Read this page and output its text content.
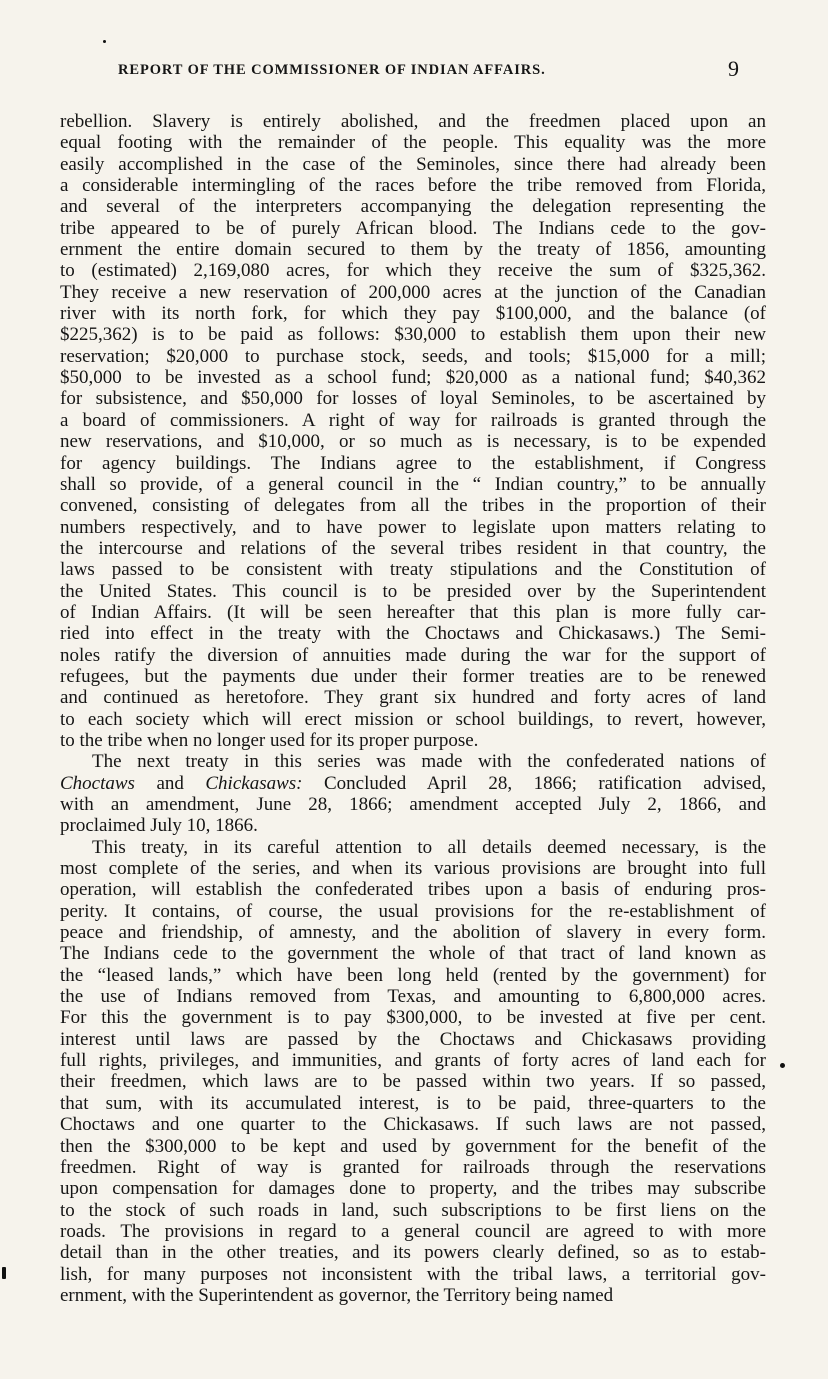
REPORT OF THE COMMISSIONER OF INDIAN AFFAIRS.	9
rebellion. Slavery is entirely abolished, and the freedmen placed upon an
equal footing with the remainder of the people. This equality was the more
easily accomplished in the case of the Seminoles, since there had already been
a considerable intermingling of the races before the tribe removed from Florida,
and several of the interpreters accompanying the delegation representing the
tribe appeared to be of purely African blood. The Indians cede to the gov-
ernment the entire domain secured to them by the treaty of 1856, amounting
to (estimated) 2,169,080 acres, for which they receive the sum of $325,362.
They receive a new reservation of 200,000 acres at the junction of the Canadian
river with its north fork, for which they pay $100,000, and the balance (of
$225,362) is to be paid as follows: $30,000 to establish them upon their new
reservation; $20,000 to purchase stock, seeds, and tools; $15,000 for a mill;
$50,000 to be invested as a school fund; $20,000 as a national fund; $40,362
for subsistence, and $50,000 for losses of loyal Seminoles, to be ascertained by
a board of commissioners. A right of way for railroads is granted through the
new reservations, and $10,000, or so much as is necessary, is to be expended
for agency buildings. The Indians agree to the establishment, if Congress
shall so provide, of a general council in the “ Indian country,” to be annually
convened, consisting of delegates from all the tribes in the proportion of their
numbers respectively, and to have power to legislate upon matters relating to
the intercourse and relations of the several tribes resident in that country, the
laws passed to be consistent with treaty stipulations and the Constitution of
the United States. This council is to be presided over by the Superintendent
of Indian Affairs. (It will be seen hereafter that this plan is more fully car-
ried into effect in the treaty with the Choctaws and Chickasaws.) The Semi-
noles ratify the diversion of annuities made during the war for the support of
refugees, but the payments due under their former treaties are to be renewed
and continued as heretofore. They grant six hundred and forty acres of land
to each society which will erect mission or school buildings, to revert, however,
to the tribe when no longer used for its proper purpose.
The next treaty in this series was made with the confederated nations of
Choctaws and Chickasaws: Concluded April 28, 1866; ratification advised,
with an amendment, June 28, 1866; amendment accepted July 2, 1866, and
proclaimed July 10, 1866.
This treaty, in its careful attention to all details deemed necessary, is the
most complete of the series, and when its various provisions are brought into full
operation, will establish the confederated tribes upon a basis of enduring pros-
perity. It contains, of course, the usual provisions for the re-establishment of
peace and friendship, of amnesty, and the abolition of slavery in every form.
The Indians cede to the government the whole of that tract of land known as
the “leased lands,” which have been long held (rented by the government) for
the use of Indians removed from Texas, and amounting to 6,800,000 acres.
For this the government is to pay $300,000, to be invested at five per cent.
interest until laws are passed by the Choctaws and Chickasaws providing
full rights, privileges, and immunities, and grants of forty acres of land each for
their freedmen, which laws are to be passed within two years. If so passed,
that sum, with its accumulated interest, is to be paid, three-quarters to the
Choctaws and one quarter to the Chickasaws. If such laws are not passed,
then the $300,000 to be kept and used by government for the benefit of the
freedmen. Right of way is granted for railroads through the reservations
upon compensation for damages done to property, and the tribes may subscribe
to the stock of such roads in land, such subscriptions to be first liens on the
roads. The provisions in regard to a general council are agreed to with more
detail than in the other treaties, and its powers clearly defined, so as to estab-
lish, for many purposes not inconsistent with the tribal laws, a territorial gov-
ernment, with the Superintendent as governor, the Territory being named
